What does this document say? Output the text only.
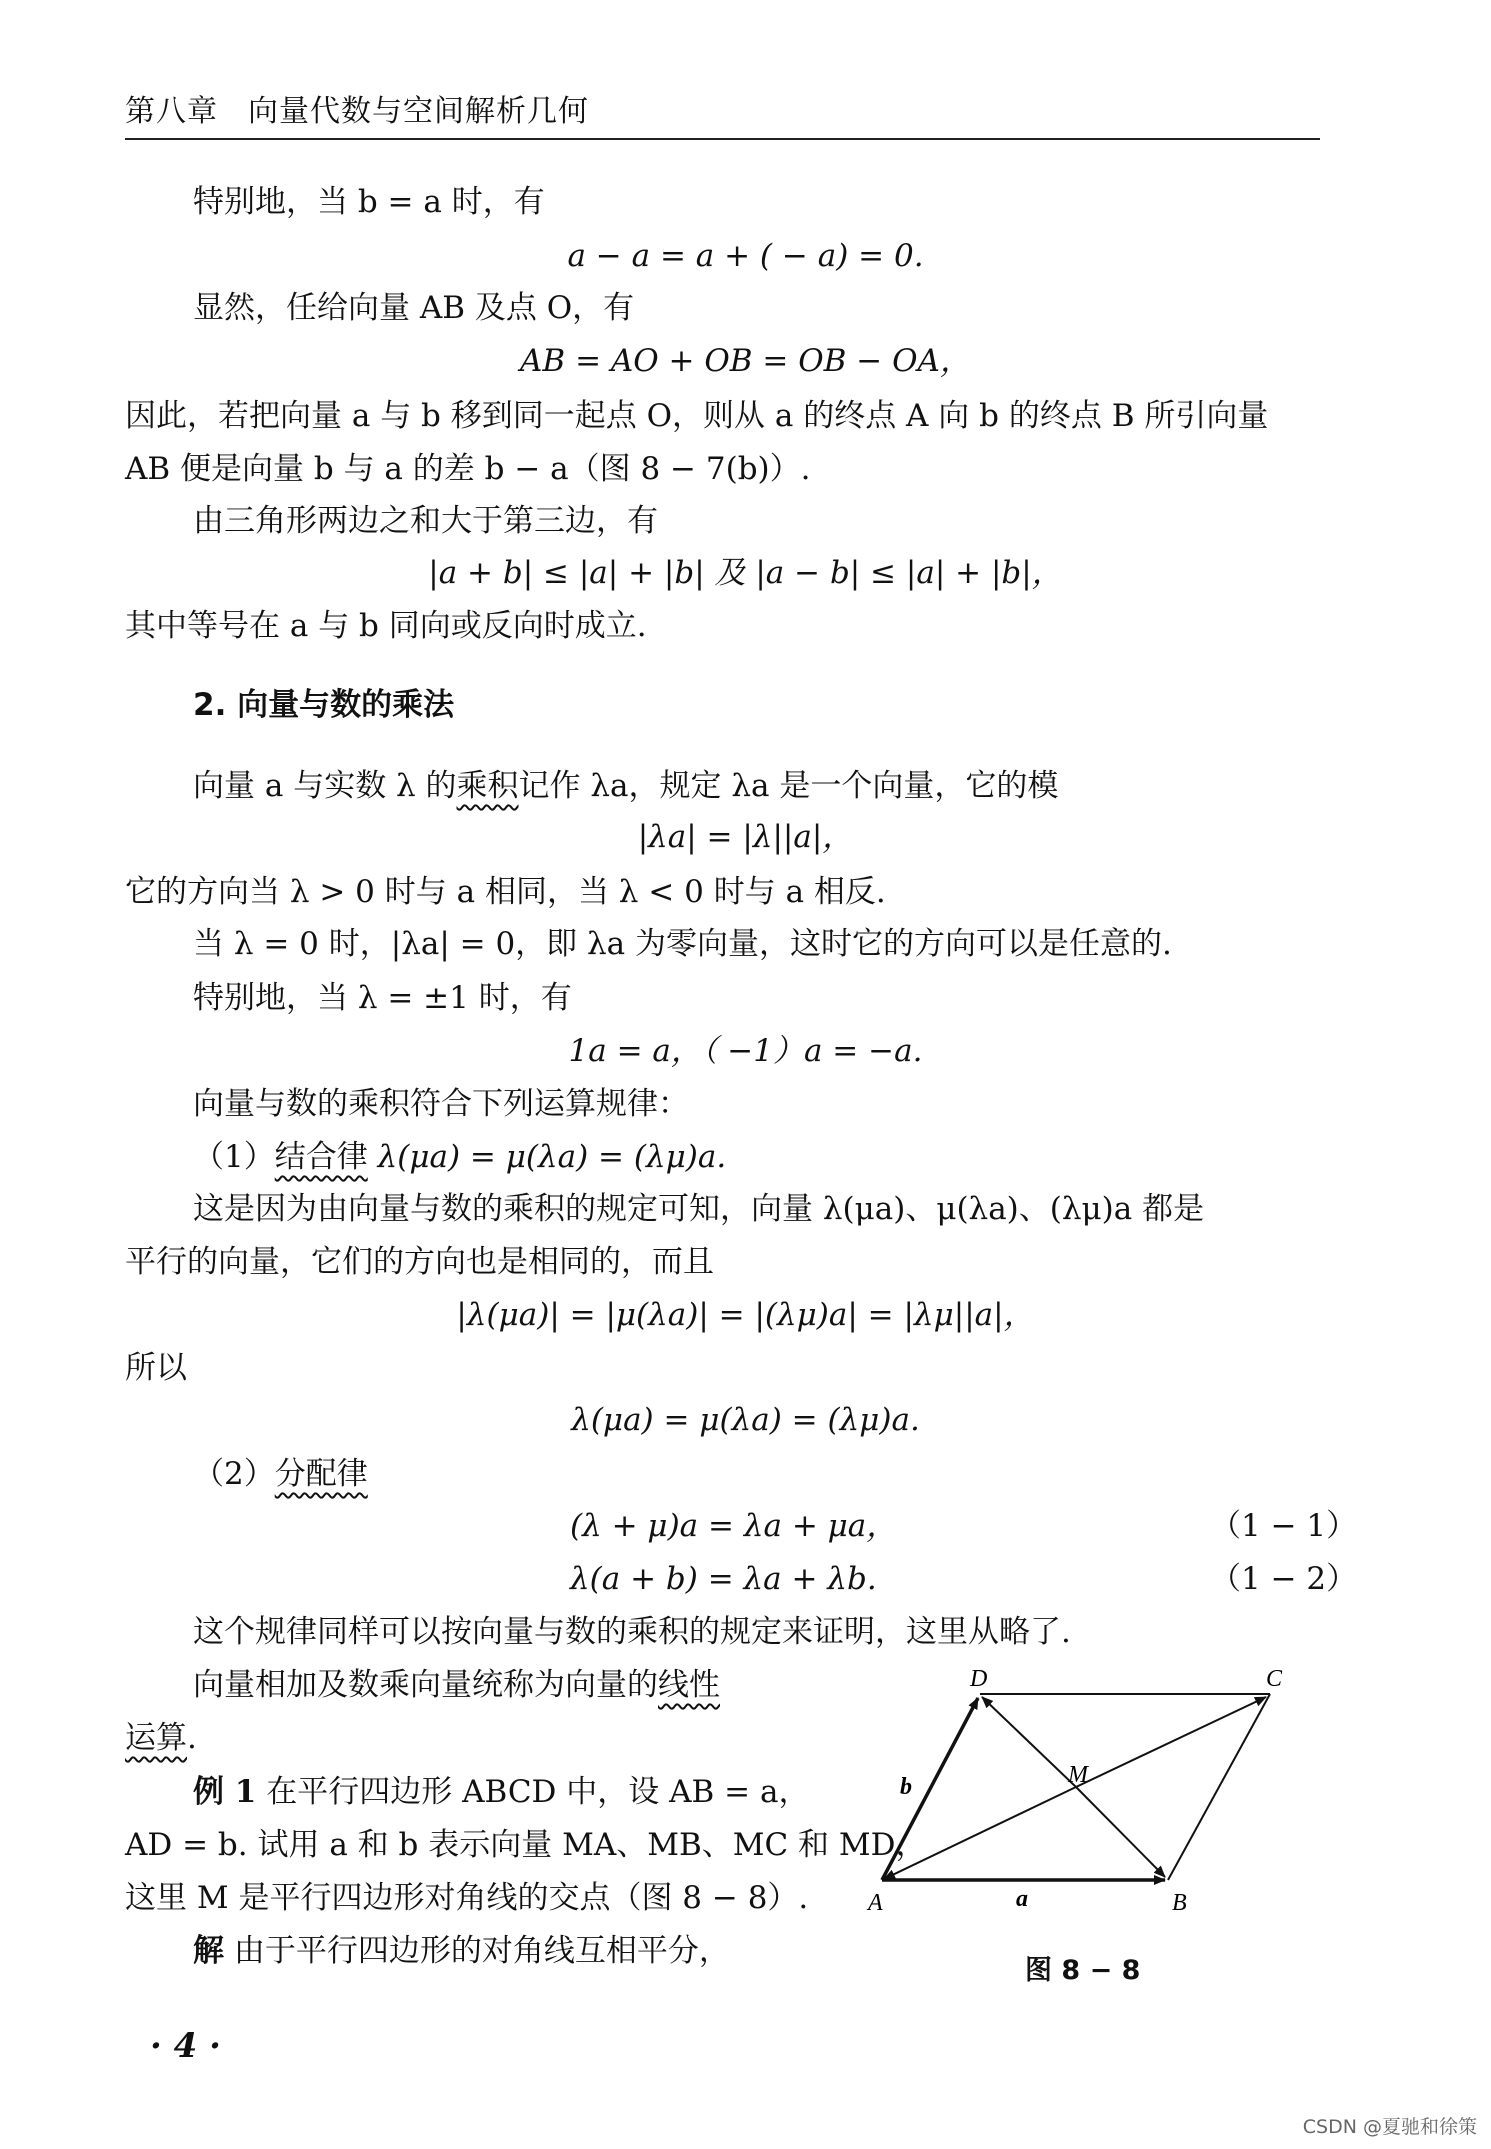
第八章 向量代数与空间解析几何
特别地，当 b = a 时，有
a − a = a + ( − a) = 0.
显然，任给向量 AB 及点 O，有
AB = AO + OB = OB − OA，
因此，若把向量 a 与 b 移到同一起点 O，则从 a 的终点 A 向 b 的终点 B 所引向量
AB 便是向量 b 与 a 的差 b − a（图 8 − 7(b)）.
由三角形两边之和大于第三边，有
|a + b| ≤ |a| + |b| 及 |a − b| ≤ |a| + |b|，
其中等号在 a 与 b 同向或反向时成立.
2. 向量与数的乘法
向量 a 与实数 λ 的乘积记作 λa，规定 λa 是一个向量，它的模
|λa| = |λ||a|，
它的方向当 λ > 0 时与 a 相同，当 λ < 0 时与 a 相反.
当 λ = 0 时，|λa| = 0，即 λa 为零向量，这时它的方向可以是任意的.
特别地，当 λ = ±1 时，有
1a = a，（ −1）a = −a.
向量与数的乘积符合下列运算规律：
（1）结合律 λ(μa) = μ(λa) = (λμ)a.
这是因为由向量与数的乘积的规定可知，向量 λ(μa)、μ(λa)、(λμ)a 都是
平行的向量，它们的方向也是相同的，而且
|λ(μa)| = |μ(λa)| = |(λμ)a| = |λμ||a|，
所以
λ(μa) = μ(λa) = (λμ)a.
（2）分配律
(λ + μ)a = λa + μa，	（1 − 1）
λ(a + b) = λa + λb.	（1 − 2）
这个规律同样可以按向量与数的乘积的规定来证明，这里从略了.
向量相加及数乘向量统称为向量的线性
运算.
例 1 在平行四边形 ABCD 中，设 AB = a，
AD = b. 试用 a 和 b 表示向量 MA、MB、MC 和 MD，
这里 M 是平行四边形对角线的交点（图 8 − 8）.
解 由于平行四边形的对角线互相平分，
A	B
C
D
M
a
b
图 8 − 8
· 4 ·
CSDN @夏驰和徐策
